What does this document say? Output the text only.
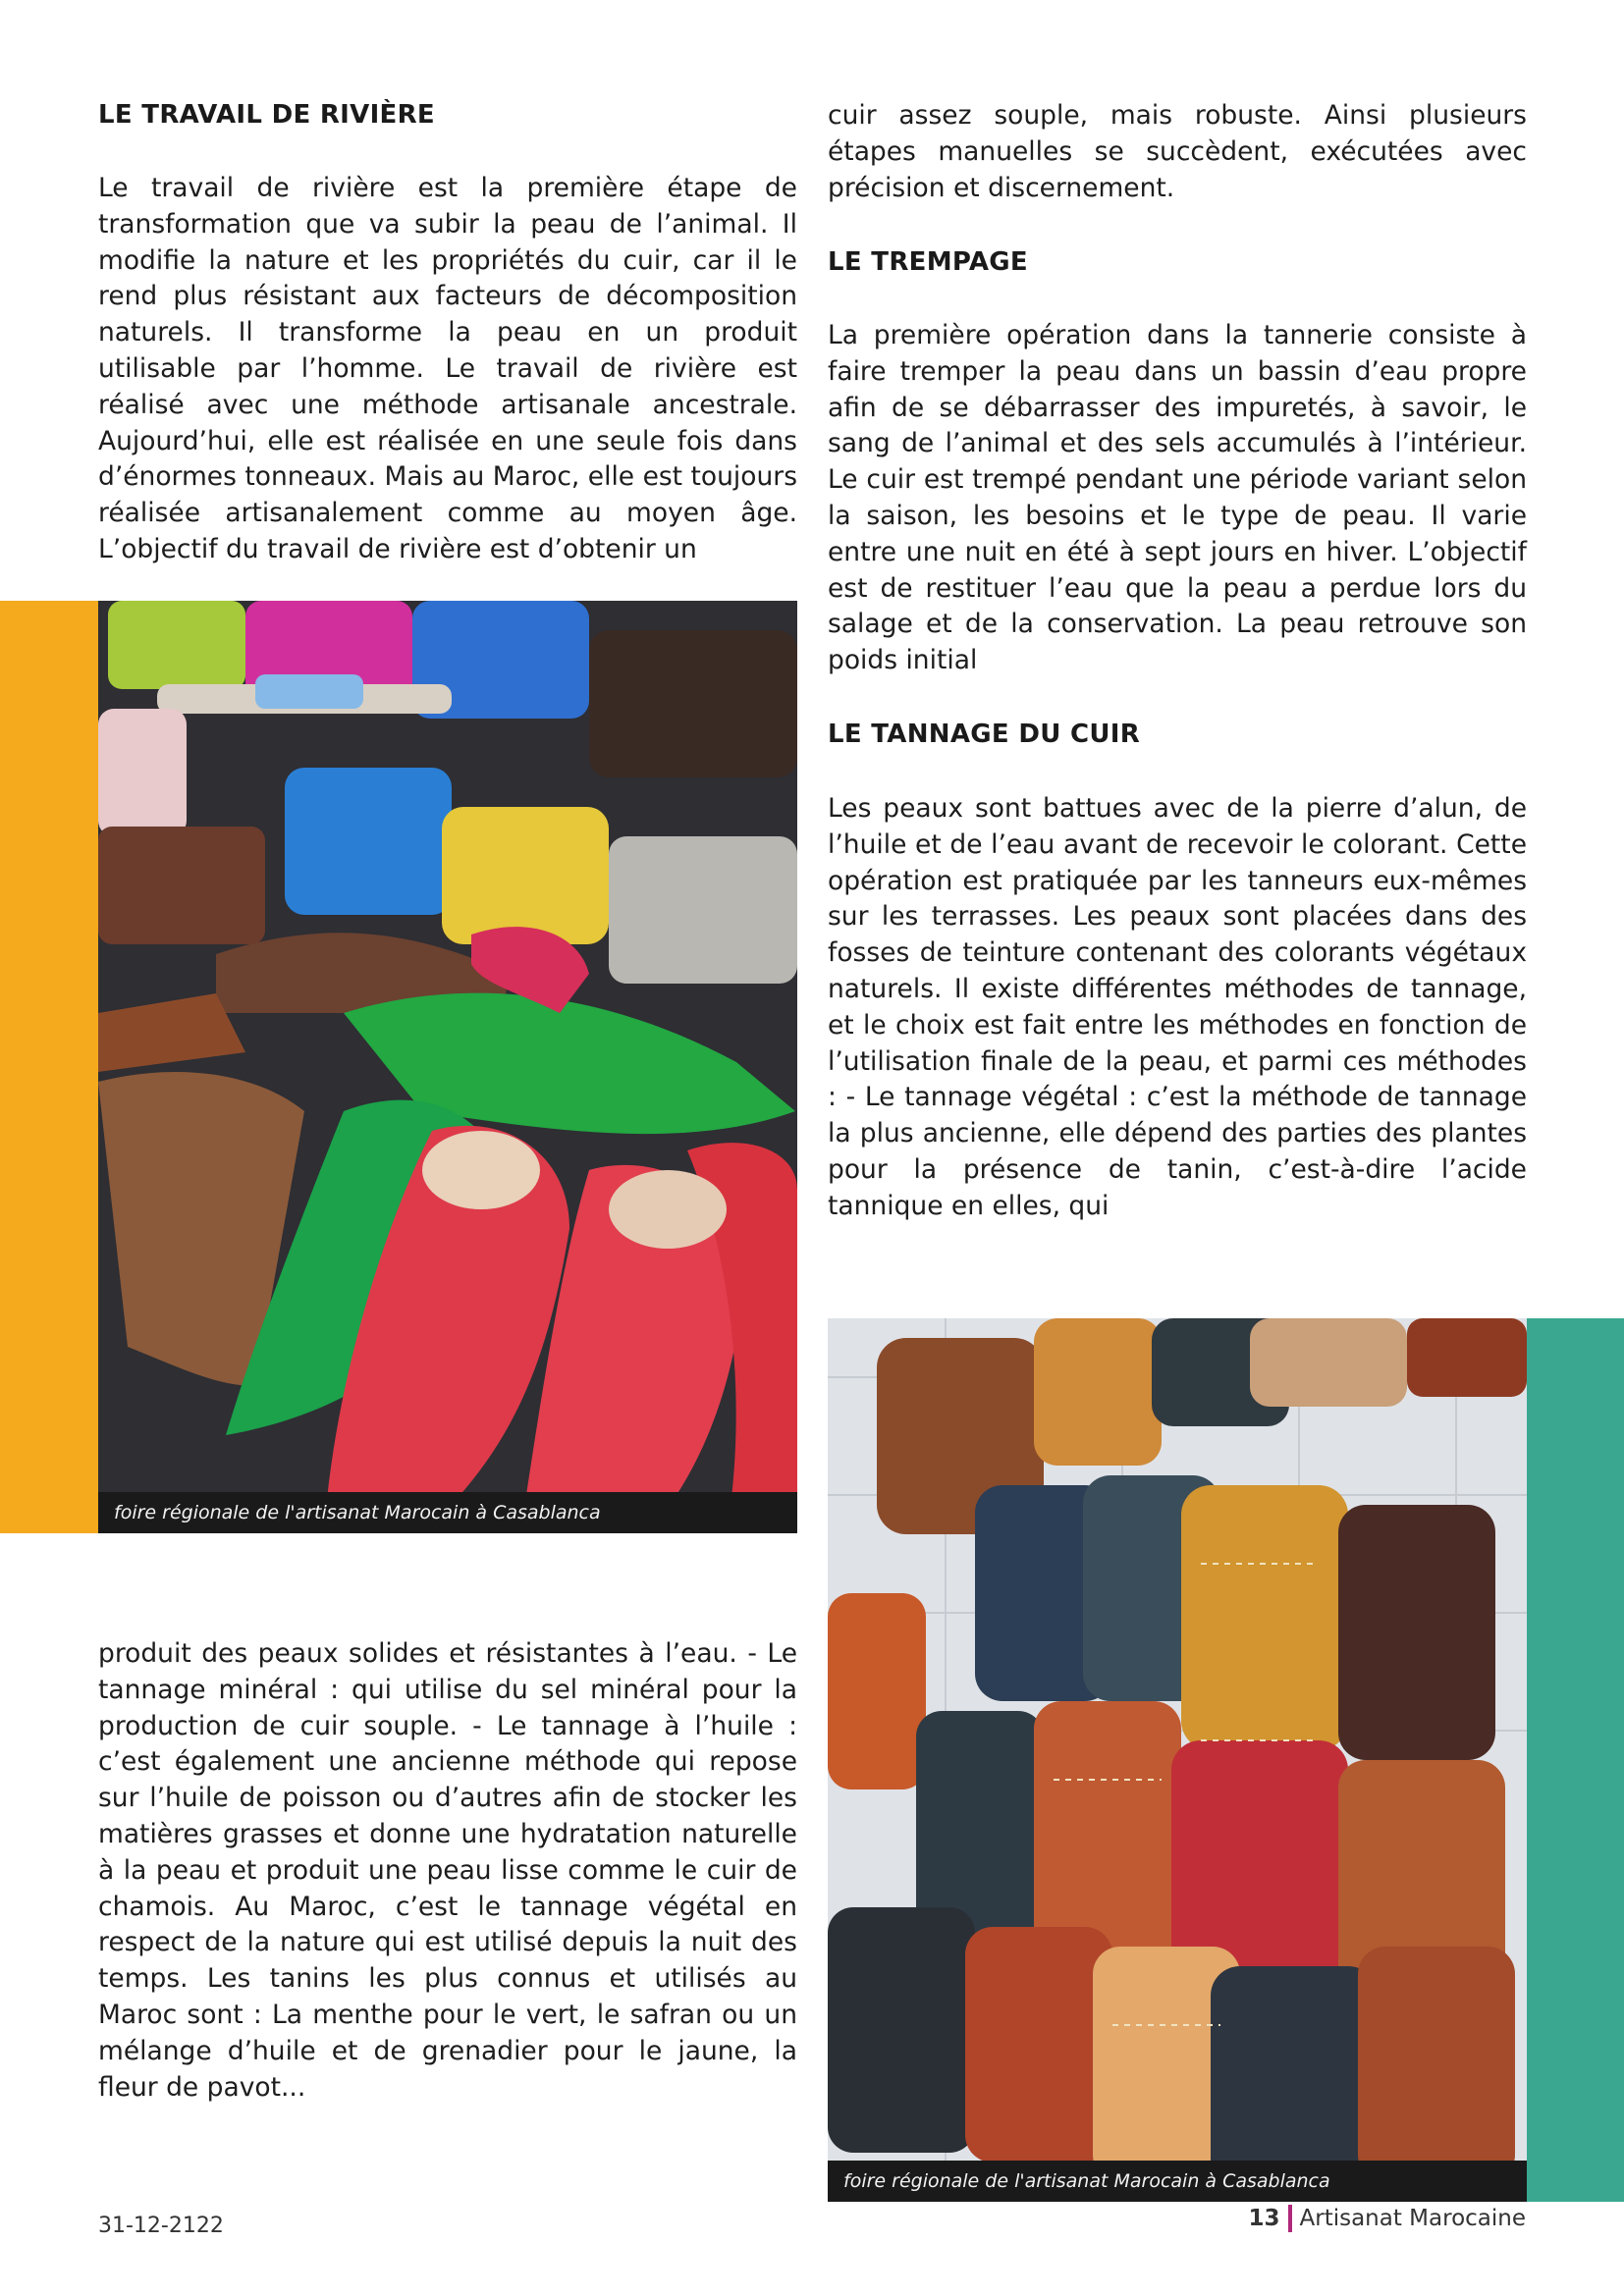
LE TRAVAIL DE RIVIÈRE

Le travail de rivière est la première étape de transformation que va subir la peau de l’animal. Il modifie la nature et les propriétés du cuir, car il le rend plus résistant aux facteurs de décomposition naturels. Il transforme la peau en un produit utilisable par l’homme. Le travail de rivière est réalisé avec une méthode artisanale ancestrale. Aujourd’hui, elle est réalisée en une seule fois dans d’énormes tonneaux. Mais au Maroc, elle est toujours réalisée artisanalement comme au moyen âge. L’objectif du travail de rivière est d’obtenir un

cuir assez souple, mais robuste. Ainsi plusieurs étapes manuelles se succèdent, exécutées avec précision et discernement.

LE TREMPAGE

La première opération dans la tannerie consiste à faire tremper la peau dans un bassin d’eau propre afin de se débarrasser des impuretés, à savoir, le sang de l’animal et des sels accumulés à l’intérieur. Le cuir est trempé pendant une période variant selon la saison, les besoins et le type de peau. Il varie entre une nuit en été à sept jours en hiver. L’objectif est de restituer l’eau que la peau a perdue lors du salage et de la conservation. La peau retrouve son poids initial

LE TANNAGE DU CUIR

Les peaux sont battues avec de la pierre d’alun, de l’huile et de l’eau avant de recevoir le colorant. Cette opération est pratiquée par les tanneurs eux-mêmes sur les terrasses. Les peaux sont placées dans des fosses de teinture contenant des colorants végétaux naturels. Il existe différentes méthodes de tannage, et le choix est fait entre les méthodes en fonction de l’utilisation finale de la peau, et parmi ces méthodes : - Le tannage végétal : c’est la méthode de tannage la plus ancienne, elle dépend des parties des plantes pour la présence de tanin, c’est-à-dire l’acide tannique en elles, qui

foire régionale de l'artisanat Marocain à Casablanca

produit des peaux solides et résistantes à l’eau. - Le tannage minéral : qui utilise du sel minéral pour la production de cuir souple. - Le tannage à l’huile : c’est également une ancienne méthode qui repose sur l’huile de poisson ou d’autres afin de stocker les matières grasses et donne une hydratation naturelle à la peau et produit une peau lisse comme le cuir de chamois. Au Maroc, c’est le tannage végétal en respect de la nature qui est utilisé depuis la nuit des temps. Les tanins les plus connus et utilisés au Maroc sont : La menthe pour le vert, le safran ou un mélange d’huile et de grenadier pour le jaune, la fleur de pavot...

foire régionale de l'artisanat Marocain à Casablanca
31-12-2122	13 Artisanat Marocaine
